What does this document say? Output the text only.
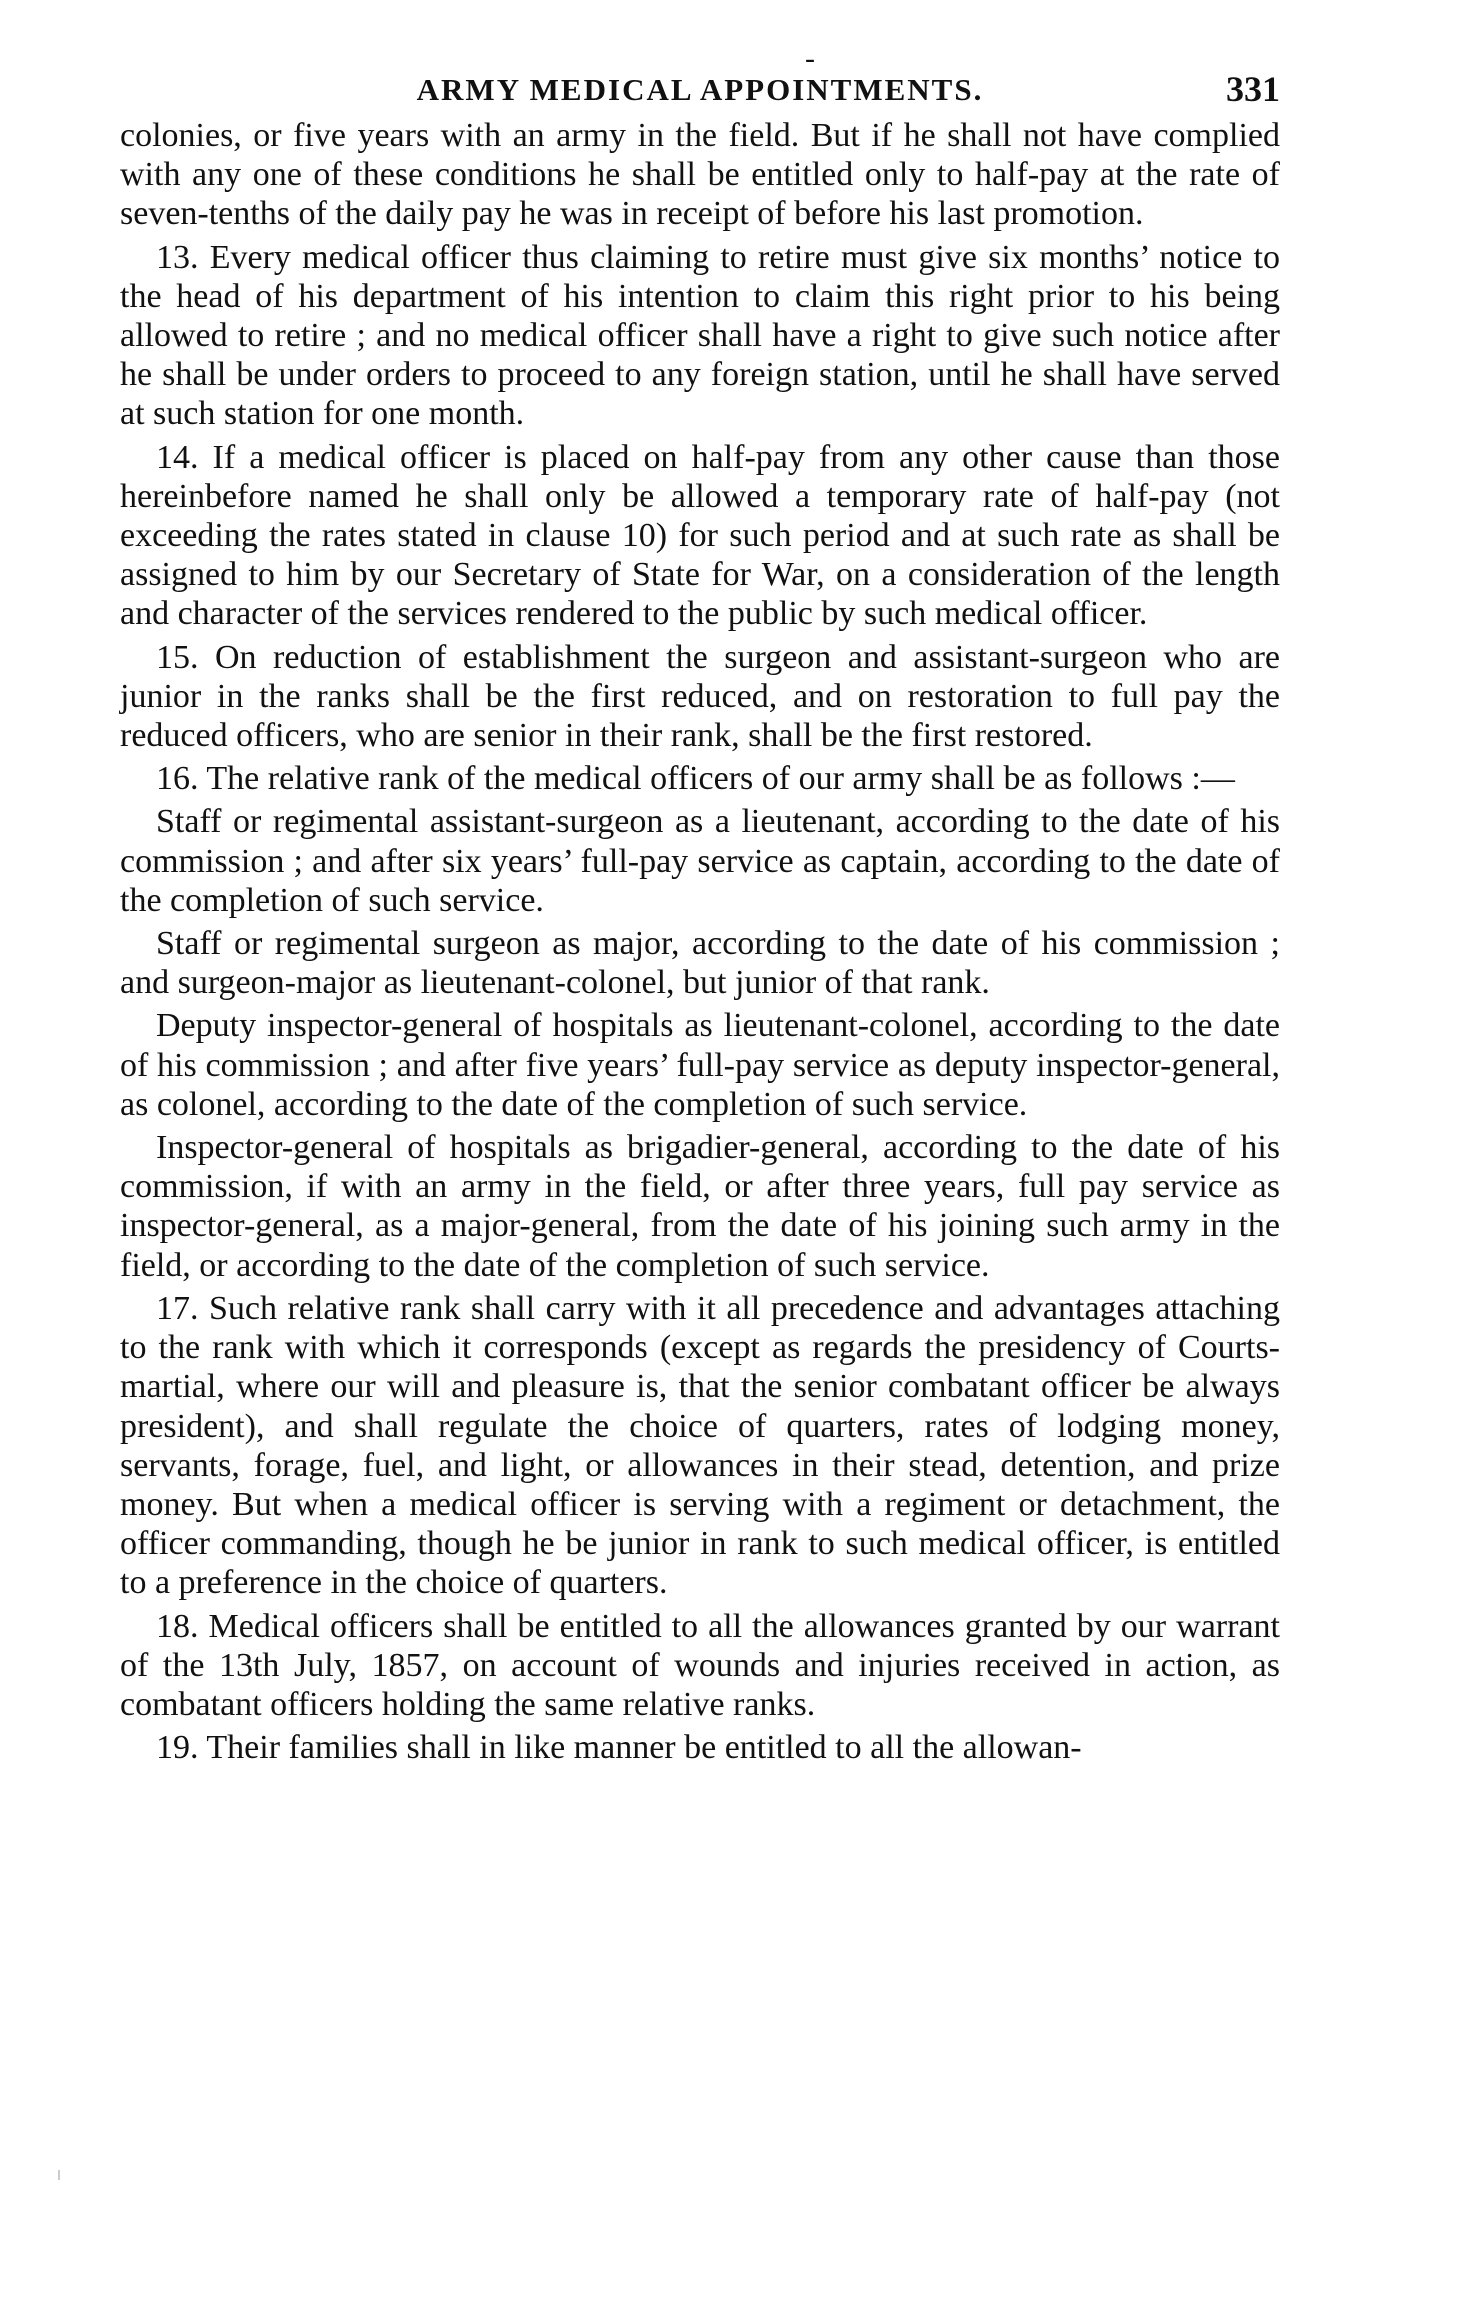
-
ARMY MEDICAL APPOINTMENTS.	331

colonies, or five years with an army in the field. But if he shall not have complied with any one of these conditions he shall be entitled only to half-pay at the rate of seven-tenths of the daily pay he was in receipt of before his last promotion.

13. Every medical officer thus claiming to retire must give six months’ notice to the head of his department of his intention to claim this right prior to his being allowed to retire ; and no medical officer shall have a right to give such notice after he shall be under orders to proceed to any foreign station, until he shall have served at such station for one month.

14. If a medical officer is placed on half-pay from any other cause than those hereinbefore named he shall only be allowed a temporary rate of half-pay (not exceeding the rates stated in clause 10) for such period and at such rate as shall be assigned to him by our Secretary of State for War, on a consideration of the length and character of the services rendered to the public by such medical officer.

15. On reduction of establishment the surgeon and assistant-surgeon who are junior in the ranks shall be the first reduced, and on restoration to full pay the reduced officers, who are senior in their rank, shall be the first restored.

16. The relative rank of the medical officers of our army shall be as follows :—

Staff or regimental assistant-surgeon as a lieutenant, according to the date of his commission ; and after six years’ full-pay service as captain, according to the date of the completion of such service.

Staff or regimental surgeon as major, according to the date of his commission ; and surgeon-major as lieutenant-colonel, but junior of that rank.

Deputy inspector-general of hospitals as lieutenant-colonel, according to the date of his commission ; and after five years’ full-pay service as deputy inspector-general, as colonel, according to the date of the completion of such service.

Inspector-general of hospitals as brigadier-general, according to the date of his commission, if with an army in the field, or after three years, full pay service as inspector-general, as a major-general, from the date of his joining such army in the field, or according to the date of the completion of such service.

17. Such relative rank shall carry with it all precedence and advantages attaching to the rank with which it corresponds (except as regards the presidency of Courts-martial, where our will and pleasure is, that the senior combatant officer be always president), and shall regulate the choice of quarters, rates of lodging money, servants, forage, fuel, and light, or allowances in their stead, detention, and prize money. But when a medical officer is serving with a regiment or detachment, the officer commanding, though he be junior in rank to such medical officer, is entitled to a preference in the choice of quarters.

18. Medical officers shall be entitled to all the allowances granted by our warrant of the 13th July, 1857, on account of wounds and injuries received in action, as combatant officers holding the same relative ranks.

19. Their families shall in like manner be entitled to all the allowan-
